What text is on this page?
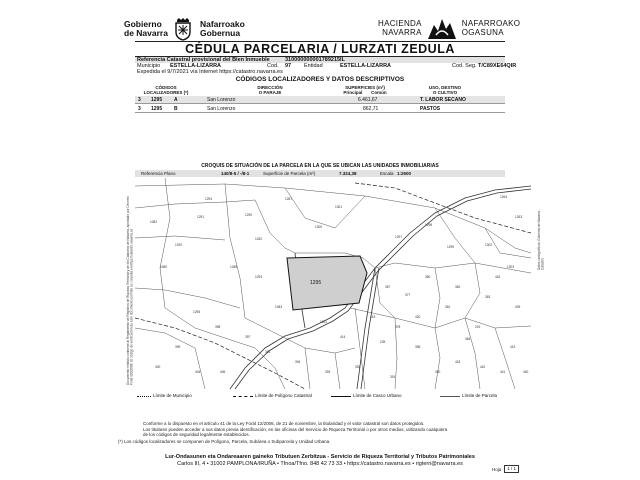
Gobierno
de Navarra
Nafarroako
Gobernua
HACIENDA
NAVARRA
NAFARROAKO
OGASUNA
CÉDULA PARCELARIA / LURZATI ZEDULA
Referencia Catastral provisional del Bien Inmueble	310000000001789215IL
Municipio ESTELLA-LIZARRA	Cod. 97 Entidad	ESTELLA-LIZARRA	Cod. Seg. T/C89XE64QIR
Expedida el 9/7/2021 vía Internet https://catastro.navarra.es
CÓDIGOS LOCALIZADORES Y DATOS DESCRIPTIVOS
CÓDIGOS
LOCALIZADORES (*)
DIRECCIÓN
O PARAJE
SUPERFICIES (m²)
Principal Común
USO, DESTINO
O CULTIVO
3 1295 A	San Lorenzo	6.461,67	T. LABOR SECANO
3 1295 B	San Lorenzo	862,71	PASTOS
CROQUIS DE SITUACIÓN DE LA PARCELA EN LA QUE SE UBICAN LAS UNIDADES INMOBILIARIAS
Referencia Plano	140/8-5 / -/8-1	Superficie de Parcela (m²)	7.324,38	Escala 1:2500
Documento emitido conforme al Reglamento de Registros de Riqueza Territorial y de los Catastros de Navarra, aprobado por Decreto Foral 100/2008. El código de verificación de este documento permite su consulta en https://catastro.navarra.es	Datos cartográficos: Gobierno de Navarra - Catastro
1295
1294
1292
1291	1290
1287
1288
1293
1296
1300
1301
1297
1298
1299	1302
1303
367
377
378
360
361
362
363
364
219
235
396
390
391
392
393
394
395
397
398
399
400
404	406
414
415
416
409
419
440
441
442
418
420
1080
1082
1083
1261
1262
1263
1264
Límite de Municipio	Límite de Polígono Catastral	Límite de Casco Urbano	Límite de Parcela
Conforme a lo dispuesto en el artículo 41 de la Ley Foral 12/2006, de 21 de noviembre, la titularidad y el valor catastral son datos protegidos.
Los titulares pueden acceder a sus datos previa identificación, en las oficinas del Servicio de Riqueza Territorial o por otros medios, utilizando cualquiera
de los códigos de seguridad legalmente establecidos.
(*) Los códigos localizadores se componen de Polígono, Parcela, Subárea o Subparcela y Unidad Urbana.
Lur-Ondasunen eta Ondareaaren gaineko Tributuen Zerbitzua - Servicio de Riqueza Territorial y Tributos Patrimoniales
Carlos III, 4 • 31002 PAMPLONA/IRUÑA • Tfnoa/Tfno. 848 42 73 33 • https://catastro.navarra.es • rigterri@navarra.es
Hoja	1 / 1
